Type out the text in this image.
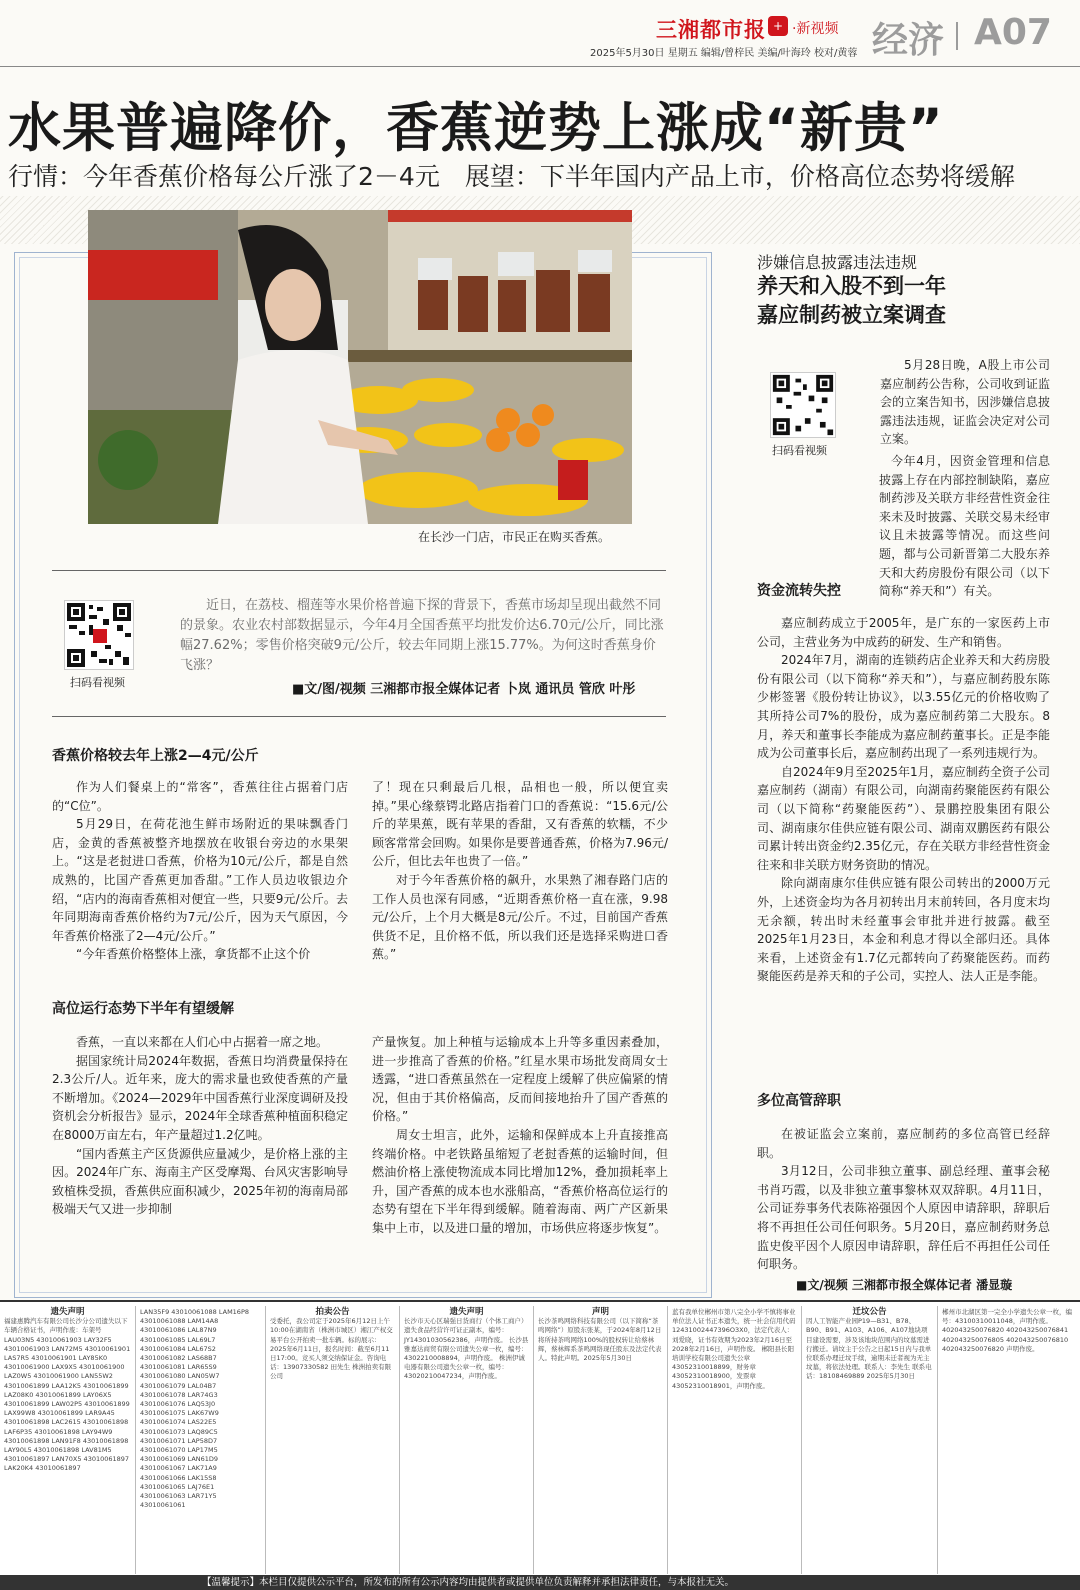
三湘都市报 + ·新视频 经济 A07
2025年5月30日 星期五 编辑/曾梓民 美编/叶海玲 校对/黄蓉
水果普遍降价，香蕉逆势上涨成“新贵”
行情：今年香蕉价格每公斤涨了2－4元　展望：下半年国内产品上市，价格高位态势将缓解
在长沙一门店，市民正在购买香蕉。
扫码看视频

近日，在荔枝、榴莲等水果价格普遍下探的背景下，香蕉市场却呈现出截然不同的景象。农业农村部数据显示，今年4月全国香蕉平均批发价达6.70元/公斤，同比涨幅27.62%；零售价格突破9元/公斤，较去年同期上涨15.77%。为何这时香蕉身价飞涨？

■文/图/视频 三湘都市报全媒体记者 卜岚 通讯员 管欣 叶彤
香蕉价格较去年上涨2—4元/公斤

作为人们餐桌上的“常客”，香蕉往往占据着门店的“C位”。

5月29日，在荷花池生鲜市场附近的果味飘香门店，金黄的香蕉被整齐地摆放在收银台旁边的水果架上。“这是老挝进口香蕉，价格为10元/公斤，都是自然成熟的，比国产香蕉更加香甜。”工作人员边收银边介绍，“店内的海南香蕉相对便宜一些，只要9元/公斤。去年同期海南香蕉价格约为7元/公斤，因为天气原因，今年香蕉价格涨了2—4元/公斤。”

“今年香蕉价格整体上涨，拿货都不止这个价

了！现在只剩最后几根，品相也一般，所以便宜卖掉。”果心缘蔡锷北路店指着门口的香蕉说：“15.6元/公斤的苹果蕉，既有苹果的香甜，又有香蕉的软糯，不少顾客常常会回购。如果你是要普通香蕉，价格为7.96元/公斤，但比去年也贵了一倍。”

对于今年香蕉价格的飙升，水果熟了湘春路门店的工作人员也深有同感，“近期香蕉价格一直在涨，9.98元/公斤，上个月大概是8元/公斤。不过，目前国产香蕉供货不足，且价格不低，所以我们还是选择采购进口香蕉。”

高位运行态势下半年有望缓解

香蕉，一直以来都在人们心中占据着一席之地。

据国家统计局2024年数据，香蕉日均消费量保持在2.3公斤/人。近年来，庞大的需求量也致使香蕉的产量不断增加。《2024—2029年中国香蕉行业深度调研及投资机会分析报告》显示，2024年全球香蕉种植面积稳定在8000万亩左右，年产量超过1.2亿吨。

“国内香蕉主产区货源供应量减少，是价格上涨的主因。2024年广东、海南主产区受摩羯、台风灾害影响导致植株受损，香蕉供应面积减少，2025年初的海南局部极端天气又进一步抑制

产量恢复。加上种植与运输成本上升等多重因素叠加，进一步推高了香蕉的价格。”红星水果市场批发商周女士透露，“进口香蕉虽然在一定程度上缓解了供应偏紧的情况，但由于其价格偏高，反而间接地抬升了国产香蕉的价格。”

周女士坦言，此外，运输和保鲜成本上升直接推高终端价格。中老铁路虽缩短了老挝香蕉的运输时间，但燃油价格上涨使物流成本同比增加12%，叠加损耗率上升，国产香蕉的成本也水涨船高，“香蕉价格高位运行的态势有望在下半年得到缓解。随着海南、两广产区新果集中上市，以及进口量的增加，市场供应将逐步恢复”。

涉嫌信息披露违法违规
养天和入股不到一年
嘉应制药被立案调查
扫码看视频

5月28日晚，A股上市公司嘉应制药公告称，公司收到证监会的立案告知书，因涉嫌信息披露违法违规，证监会决定对公司立案。

今年4月，因资金管理和信息披露上存在内部控制缺陷，嘉应制药涉及关联方非经营性资金往来未及时披露、关联交易未经审议且未披露等情况。而这些问题，都与公司新晋第二大股东养天和大药房股份有限公司（以下简称“养天和”）有关。

资金流转失控

嘉应制药成立于2005年，是广东的一家医药上市公司，主营业务为中成药的研发、生产和销售。

2024年7月，湖南的连锁药店企业养天和大药房股份有限公司（以下简称“养天和”），与嘉应制药股东陈少彬签署《股份转让协议》，以3.55亿元的价格收购了其所持公司7%的股份，成为嘉应制药第二大股东。8月，养天和董事长李能成为嘉应制药董事长。正是李能成为公司董事长后，嘉应制药出现了一系列违规行为。

自2024年9月至2025年1月，嘉应制药全资子公司嘉应制药（湖南）有限公司，向湖南药聚能医药有限公司（以下简称“药聚能医药”）、景鹏控股集团有限公司、湖南康尔佳供应链有限公司、湖南双鹏医药有限公司累计转出资金约2.35亿元，存在关联方非经营性资金往来和非关联方财务资助的情况。

除向湖南康尔佳供应链有限公司转出的2000万元外，上述资金均为各月初转出月末前转回，各月度末均无余额，转出时未经董事会审批并进行披露。截至2025年1月23日，本金和利息才得以全部归还。具体来看，上述资金有1.7亿元都转向了药聚能医药。而药聚能医药是养天和的子公司，实控人、法人正是李能。

多位高管辞职

在被证监会立案前，嘉应制药的多位高管已经辞职。

3月12日，公司非独立董事、副总经理、董事会秘书肖巧霞，以及非独立董事黎林双双辞职。4月11日，公司证券事务代表陈裕强因个人原因申请辞职，辞职后将不再担任公司任何职务。5月20日，嘉应制药财务总监史俊平因个人原因申请辞职，辞任后不再担任公司任何职务。

■文/视频 三湘都市报全媒体记者 潘显璇
遗失声明

福建惠腾汽车有限公司长沙分公司遗失以下车辆合格证书，声明作废：车架号 LAU03N5 43010061903 LAY32F5 43010061903 LAN72M5 43010061901 LAS7R5 43010061901 LAY85K0 43010061900 LAX9X5 43010061900 LAZ0W5 43010061900 LAN55W2 43010061899 LAA12K5 43010061899 LAZ08K0 43010061899 LAY06X5 43010061899 LAW02P5 43010061899 LAX99W8 43010061899 LAR9A45 43010061898 LAC2615 43010061898 LAF6P35 43010061898 LAY94W9 43010061898 LAN91F8 43010061898 LAY90L5 43010061898 LAV81M5 43010061897 LAN70X5 43010061897 LAK20K4 43010061897

LAN35F9 43010061088 LAM16P8 43010061088 LAM14A8 43010061086 LAL87N9 43010061085 LAL69L7 43010061084 LAL67S2 43010061082 LAS68B7 43010061081 LAR65S9 43010061080 LAN05W7 43010061079 LAL04B7 43010061078 LAR74G3 43010061076 LAQ53J0 43010061075 LAK67W9 43010061074 LAS22E5 43010061073 LAQ89C5 43010061071 LAP58D7 43010061070 LAP17M5 43010061069 LAN61D9 43010061067 LAK71A9 43010061066 LAK15S8 43010061065 LAJ76E1 43010061063 LAR71Y5 43010061061

拍卖公告

受委托，我公司定于2025年6月12日上午10:00在湖南省（株洲市城区）湘江产权交易平台公开拍卖一批车辆。标的展示：2025年6月11日，报名时间：截至6月11日17:00。竞买人须交纳保证金。咨询电话：13907330582 田先生 株洲拍卖有限公司

遗失声明

长沙市天心区瑞强日货商行（个体工商户）遗失食品经营许可证正副本，编号：JY14301030562386，声明作废。 长沙县雅嘉达商贸有限公司遗失公章一枚，编号：4302210008894，声明作废。 株洲伊诚电器有限公司遗失公章一枚，编号：43020210047234，声明作废。

声明

长沙茶鸣网络科技有限公司（以下简称“茶鸣网络”）原股东张某，于2024年8月12日将所持茶鸣网络100%的股权转让给蔡林辉，蔡林辉系茶鸣网络现任股东及法定代表人。特此声明。2025年5月30日

蓝有我单位郴州市第八完全小学不慎将事业单位法人证书正本遗失，统一社会信用代码12431002447396O3X0，法定代表人：刘爱晓，证书有效期为2023年2月16日至2028年2月16日，声明作废。 郴阳县长阳培训学校有限公司遗失公章43052310018899，财务章43052310018900，发票章43052310018901，声明作废。

迁坟公告

因人工智能产业园P19—B31、B78、B90、B91、A103、A106、A107地块项目建设需要，涉及该地块范围内的坟墓需进行搬迁。请坟主于公告之日起15日内与我单位联系办理迁坟手续，逾期未迁者视为无主坟墓，将依法处理。联系人：李先生 联系电话：18108469889 2025年5月30日

郴州市北湖区第一完全小学遗失公章一枚，编号：43100310011048，声明作废。 402043250076820 402043250076841 402043250076805 402043250076810 402043250076820 声明作废。

【温馨提示】本栏目仅提供公示平台，所发布的所有公示内容均由提供者或提供单位负责解释并承担法律责任，与本报社无关。
